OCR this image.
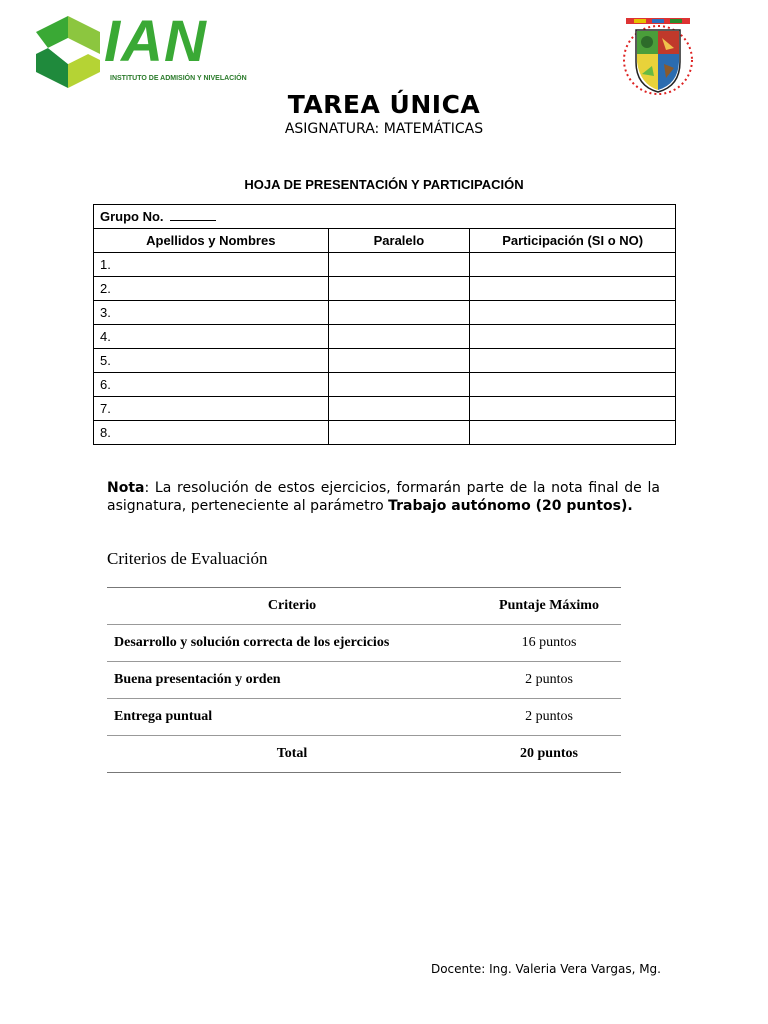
IAN
INSTITUTO DE ADMISIÓN Y NIVELACIÓN
TAREA ÚNICA
ASIGNATURA: MATEMÁTICAS
HOJA DE PRESENTACIÓN Y PARTICIPACIÓN
Grupo No.		
Apellidos y Nombres	Paralelo	Participación (SI o NO)
1.		
2.		
3.		
4.		
5.		
6.		
7.		
8.		
Nota: La resolución de estos ejercicios, formarán parte de la nota final de la asignatura, perteneciente al parámetro Trabajo autónomo (20 puntos).
Criterios de Evaluación
Criterio	Puntaje Máximo
Desarrollo y solución correcta de los ejercicios	16 puntos
Buena presentación y orden	2 puntos
Entrega puntual	2 puntos
Total	20 puntos
Docente: Ing. Valeria Vera Vargas, Mg.
